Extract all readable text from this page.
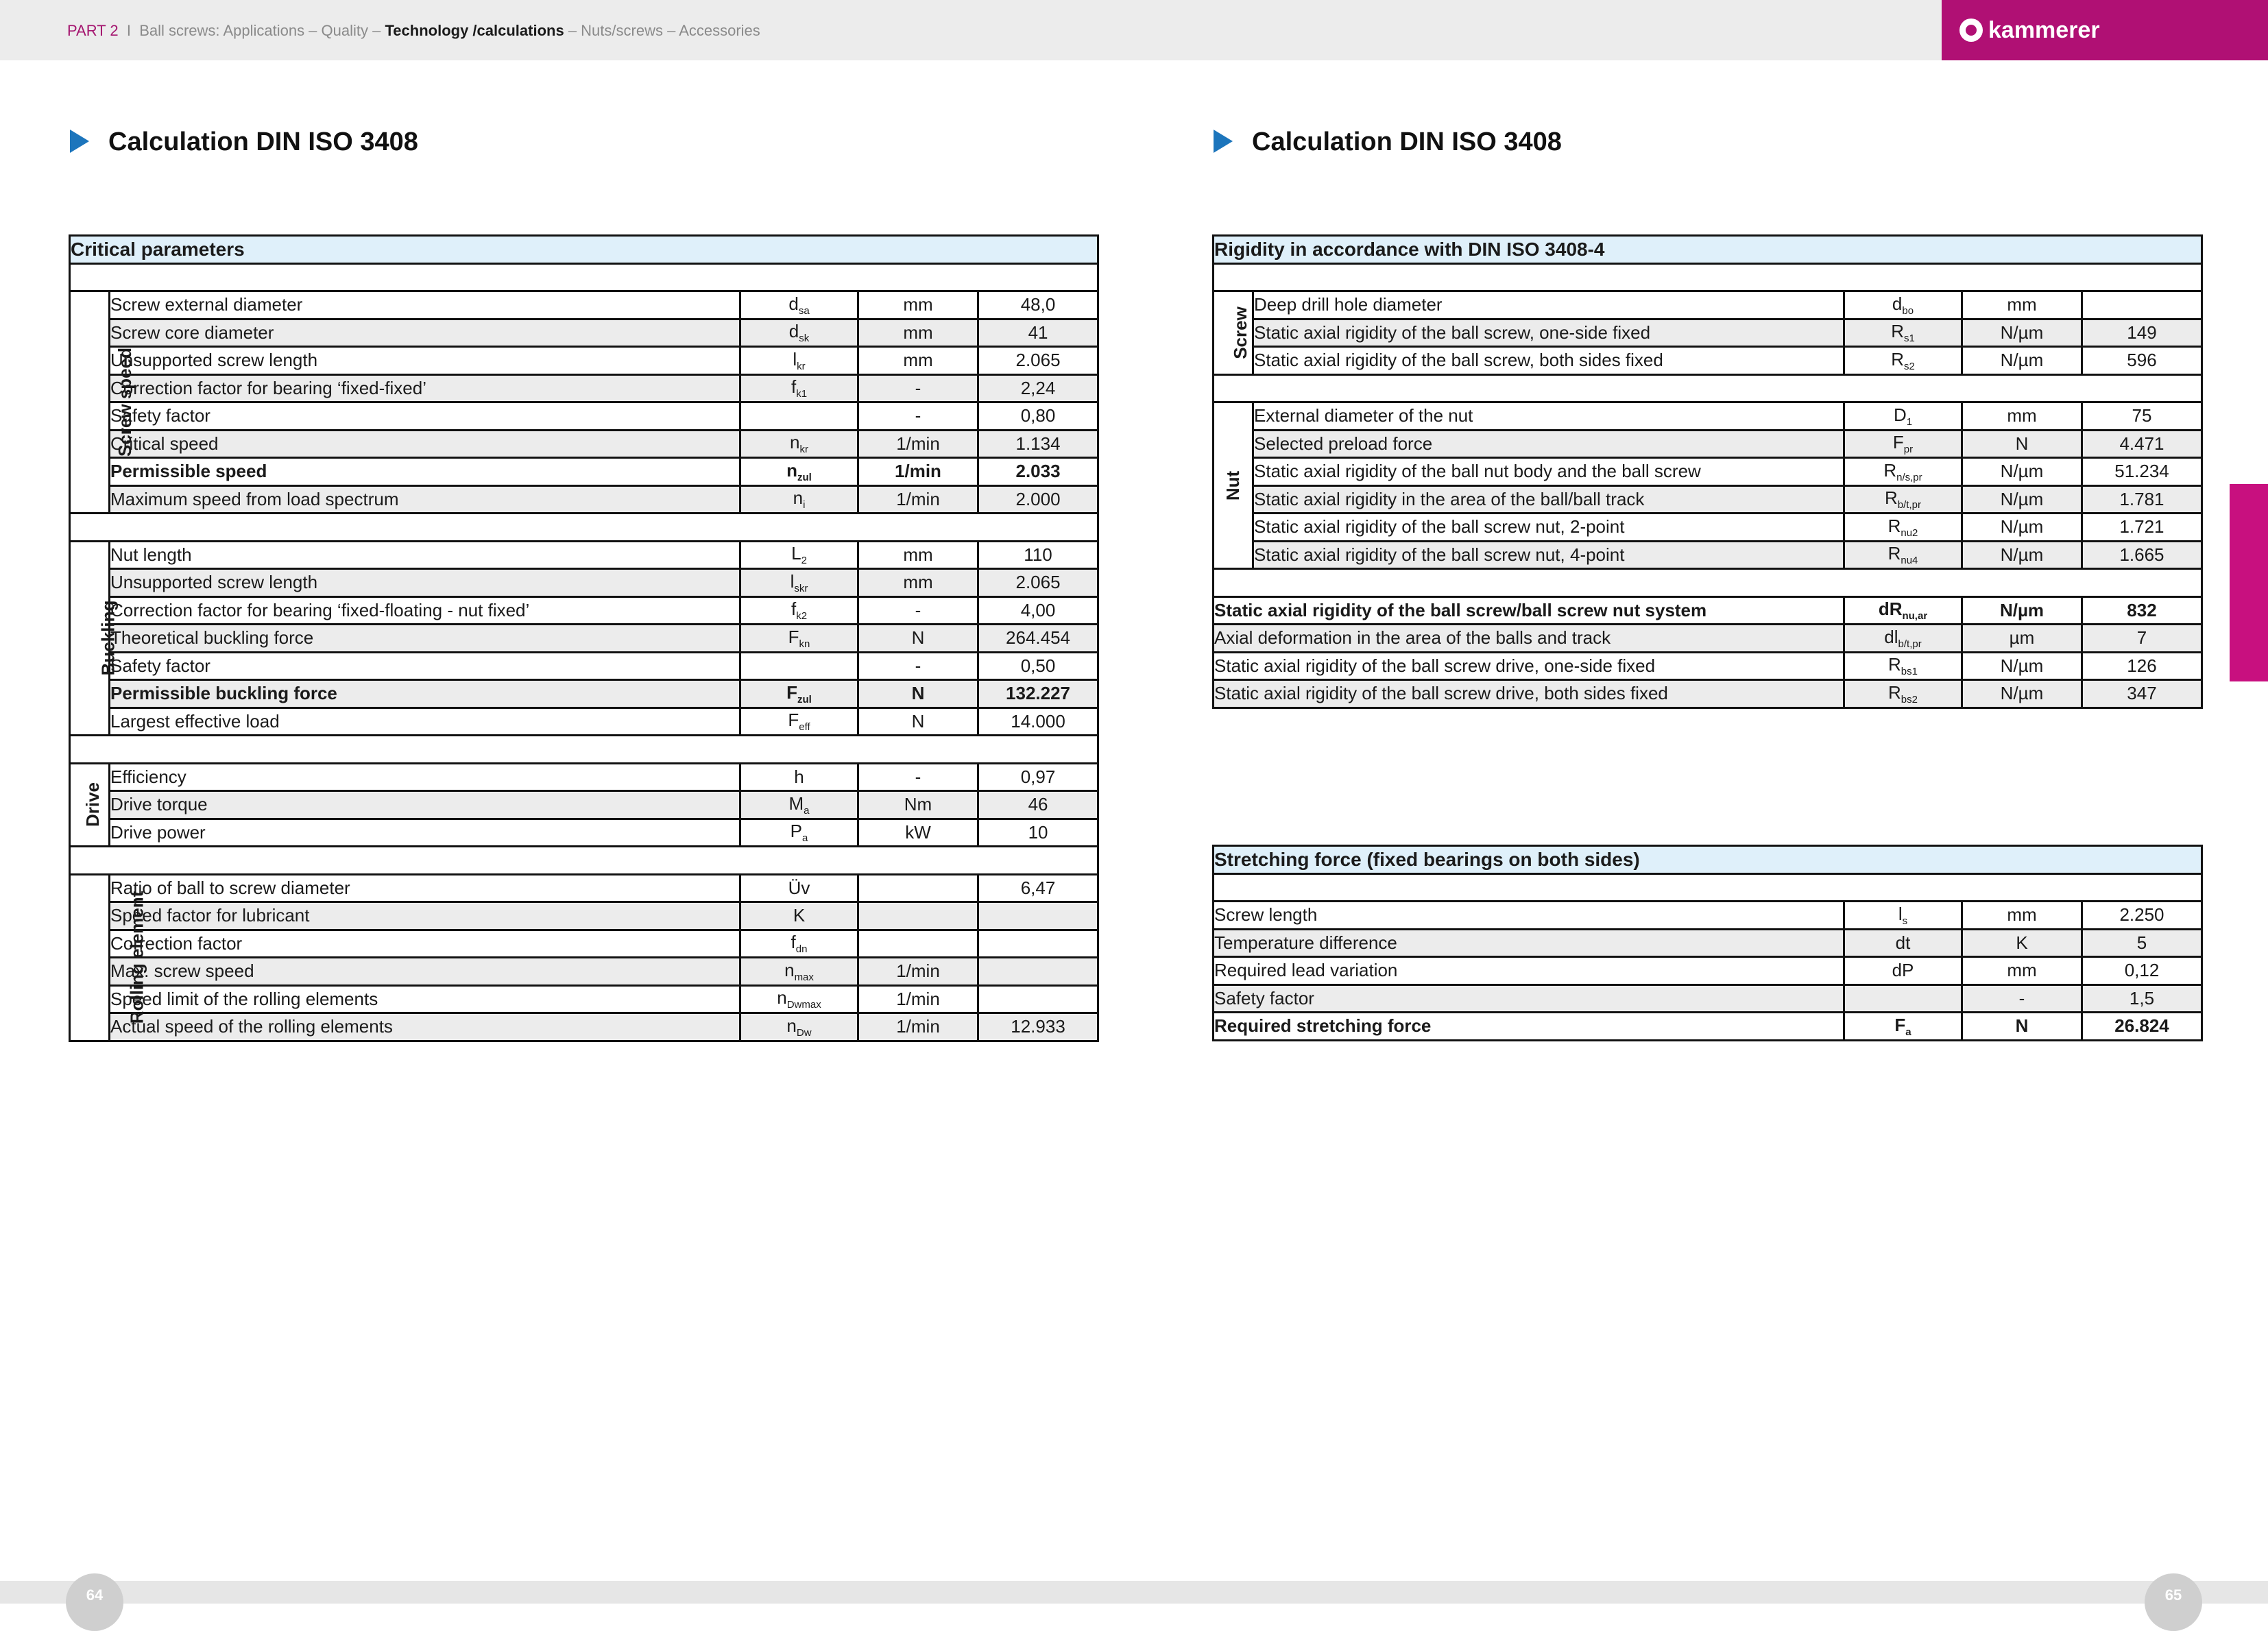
PART 2 I Ball screws: Applications – Quality – Technology /calculations – Nuts/screws – Accessories	kammerer
Calculation DIN ISO 3408	Calculation DIN ISO 3408
Critical parameters				

Screw speed	Screw external diameter	$d_{sa}$	mm	48,0
	Screw core diameter	$d_{sk}$	mm	41
	Unsupported screw length	$l_{kr}$	mm	2.065
	Correction factor for bearing ‘fixed-fixed’	$f_{k1}$	-	2,24
	Safety factor		-	0,80
	Critical speed	$n_{kr}$	1/min	1.134
	Permissible speed	$n_{zul}$	1/min	2.033
	Maximum speed from load spectrum	$n_i$	1/min	2.000

Buckling	Nut length	$L_2$	mm	110
	Unsupported screw length	$l_{skr}$	mm	2.065
	Correction factor for bearing ‘fixed-floating - nut fixed’	$f_{k2}$	-	4,00
	Theoretical buckling force	$F_{kn}$	N	264.454
	Safety factor		-	0,50
	Permissible buckling force	$F_{zul}$	N	132.227
	Largest effective load	$F_{eff}$	N	14.000

Drive	Efficiency	h	-	0,97
	Drive torque	$M_a$	Nm	46
	Drive power	$P_a$	kW	10

Rolling element	Ratio of ball to screw diameter	Üv		6,47
	Speed factor for lubricant	K		
	Correction factor	$f_{dn}$		
	Max. screw speed	$n_{max}$	1/min	
	Speed limit of the rolling elements	$n_{Dwmax}$	1/min	
	Actual speed of the rolling elements	$n_{Dw}$	1/min	12.933
Rigidity in accordance with DIN ISO 3408-4				

Screw	Deep drill hole diameter	$d_{bo}$	mm	
	Static axial rigidity of the ball screw, one-side fixed	$R_{s1}$	N/µm	149
	Static axial rigidity of the ball screw, both sides fixed	$R_{s2}$	N/µm	596

Nut	External diameter of the nut	$D_1$	mm	75
	Selected preload force	$F_{pr}$	N	4.471
	Static axial rigidity of the ball nut body and the ball screw	$R_{n/s,pr}$	N/µm	51.234
	Static axial rigidity in the area of the ball/ball track	$R_{b/t,pr}$	N/µm	1.781
	Static axial rigidity of the ball screw nut, 2-point	$R_{nu2}$	N/µm	1.721
	Static axial rigidity of the ball screw nut, 4-point	$R_{nu4}$	N/µm	1.665

Static axial rigidity of the ball screw/ball screw nut system		$dR_{nu,ar}$	N/µm	832
Axial deformation in the area of the balls and track		$dl_{b/t,pr}$	µm	7
Static axial rigidity of the ball screw drive, one-side fixed		$R_{bs1}$	N/µm	126
Static axial rigidity of the ball screw drive, both sides fixed		$R_{bs2}$	N/µm	347
Stretching force (fixed bearings on both sides)			

Screw length	$l_s$	mm	2.250
Temperature difference	dt	K	5
Required lead variation	dP	mm	0,12
Safety factor		-	1,5
Required stretching force	$F_a$	N	26.824
64	65
